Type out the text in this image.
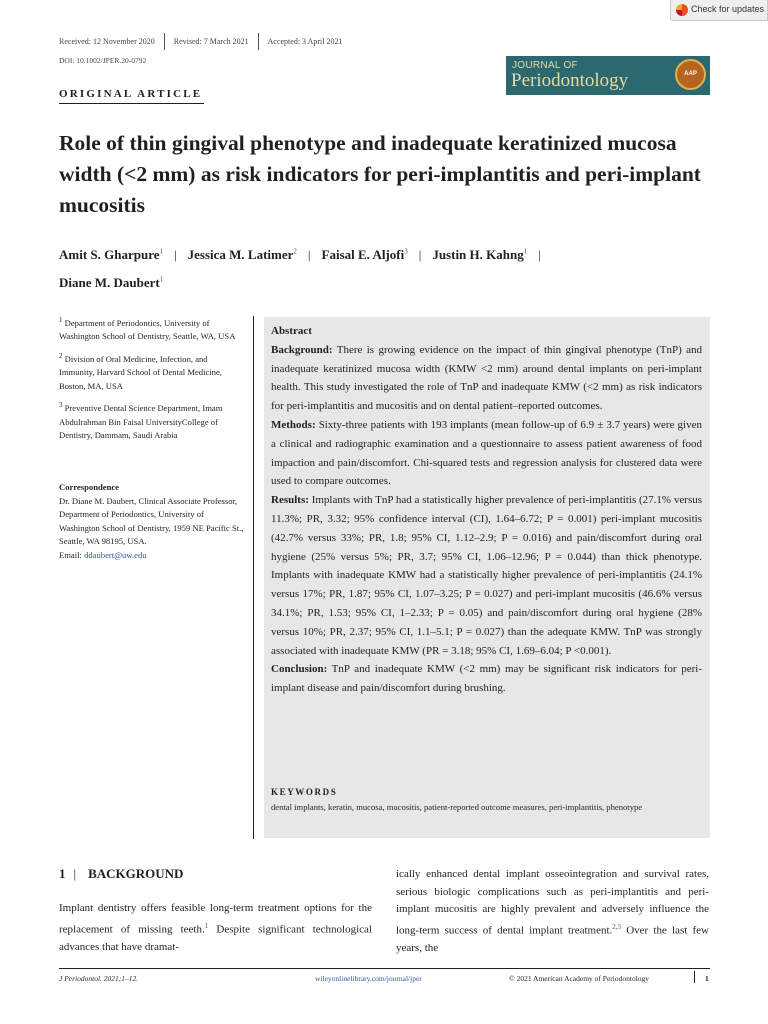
Check for updates
Received: 12 November 2020	Revised: 7 March 2021	Accepted: 3 April 2021
DOI: 10.1002/JPER.20-0792	JOURNAL OF
Periodontology	AAP
ORIGINAL ARTICLE
Role of thin gingival phenotype and inadequate keratinized mucosa width (<2 mm) as risk indicators for peri-implantitis and peri-implant mucositis
Amit S. Gharpure$^1$ | Jessica M. Latimer$^2$ | Faisal E. Aljofi$^3$ | Justin H. Kahng$^1$ |
Diane M. Daubert$^1$
$^1$ Department of Periodontics, University of Washington School of Dentistry, Seattle, WA, USA
$^2$ Division of Oral Medicine, Infection, and Immunity, Harvard School of Dental Medicine, Boston, MA, USA
$^3$ Preventive Dental Science Department, Imam Abdulrahman Bin Faisal UniversityCollege of Dentistry, Dammam, Saudi Arabia
Correspondence
Dr. Diane M. Daubert, Clinical Associate Professor, Department of Periodontics, University of Washington School of Dentistry, 1959 NE Pacific St., Seattle, WA 98195, USA.
Email: ddaubert@uw.edu
Abstract
Background: There is growing evidence on the impact of thin gingival phenotype (TnP) and inadequate keratinized mucosa width (KMW <2 mm) around dental implants on peri-implant health. This study investigated the role of TnP and inadequate KMW (<2 mm) as risk indicators for peri-implantitis and mucositis and on dental patient–reported outcomes.
Methods: Sixty-three patients with 193 implants (mean follow-up of 6.9 ± 3.7 years) were given a clinical and radiographic examination and a questionnaire to assess patient awareness of food impaction and pain/discomfort. Chi-squared tests and regression analysis for clustered data were used to compare outcomes.
Results: Implants with TnP had a statistically higher prevalence of peri-implantitis (27.1% versus 11.3%; PR, 3.32; 95% confidence interval (CI), 1.64–6.72; P = 0.001) peri-implant mucositis (42.7% versus 33%; PR, 1.8; 95% CI, 1.12–2.9; P = 0.016) and pain/discomfort during oral hygiene (25% versus 5%; PR, 3.7; 95% CI, 1.06–12.96; P = 0.044) than thick phenotype. Implants with inadequate KMW had a statistically higher prevalence of peri-implantitis (24.1% versus 17%; PR, 1.87; 95% CI, 1.07–3.25; P = 0.027) and peri-implant mucositis (46.6% versus 34.1%; PR, 1.53; 95% CI, 1–2.33; P = 0.05) and pain/discomfort during oral hygiene (28% versus 10%; PR, 2.37; 95% CI, 1.1–5.1; P = 0.027) than the adequate KMW. TnP was strongly associated with inadequate KMW (PR = 3.18; 95% CI, 1.69–6.04; P <0.001).
Conclusion: TnP and inadequate KMW (<2 mm) may be significant risk indicators for peri-implant disease and pain/discomfort during brushing.
KEYWORDS
dental implants, keratin, mucosa, mucositis, patient-reported outcome measures, peri-implantitis, phenotype
1 | BACKGROUND
Implant dentistry offers feasible long-term treatment options for the replacement of missing teeth.$^1$ Despite significant technological advances that have dramat-
ically enhanced dental implant osseointegration and survival rates, serious biologic complications such as peri-implantitis and peri-implant mucositis are highly prevalent and adversely influence the long-term success of dental implant treatment.$^{2,3}$ Over the last few years, the
J Periodontol. 2021;1–12.	wileyonlinelibrary.com/journal/jper	© 2021 American Academy of Periodontology	1
